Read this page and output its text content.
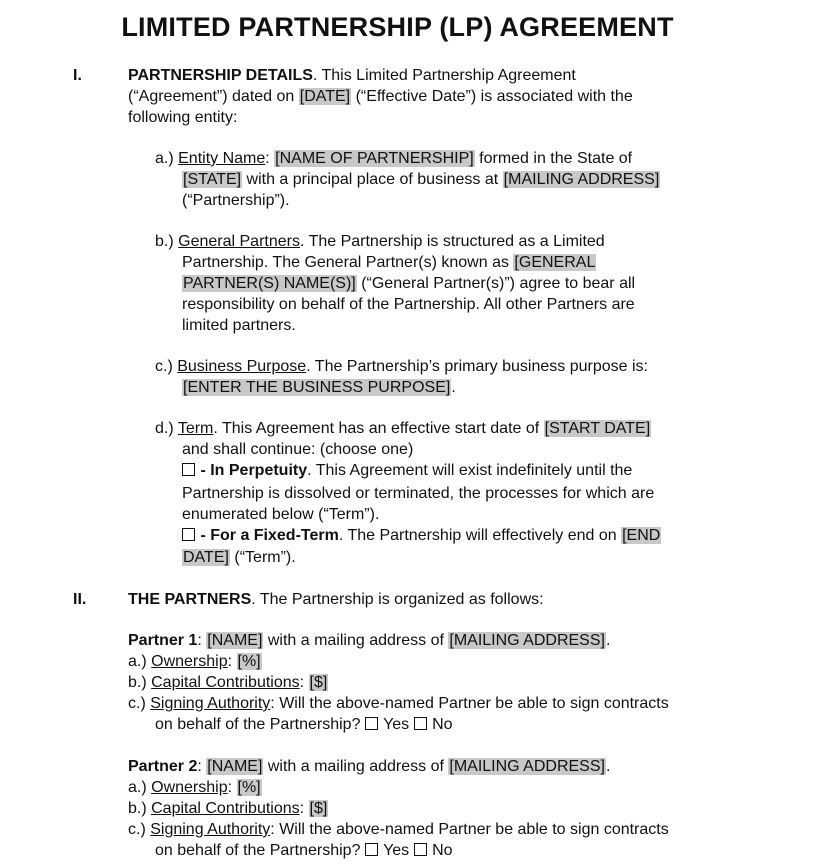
LIMITED PARTNERSHIP (LP) AGREEMENT
I.	PARTNERSHIP DETAILS. This Limited Partnership Agreement
(“Agreement”) dated on [DATE] (“Effective Date”) is associated with the
following entity:
a.) Entity Name: [NAME OF PARTNERSHIP] formed in the State of
[STATE] with a principal place of business at [MAILING ADDRESS]
(“Partnership”).
b.) General Partners. The Partnership is structured as a Limited
Partnership. The General Partner(s) known as [GENERAL
PARTNER(S) NAME(S)] (“General Partner(s)”) agree to bear all
responsibility on behalf of the Partnership. All other Partners are
limited partners.
c.) Business Purpose. The Partnership’s primary business purpose is:
[ENTER THE BUSINESS PURPOSE].
d.) Term. This Agreement has an effective start date of [START DATE]
and shall continue: (choose one)
- In Perpetuity. This Agreement will exist indefinitely until the
Partnership is dissolved or terminated, the processes for which are
enumerated below (“Term”).
- For a Fixed-Term. The Partnership will effectively end on [END
DATE] (“Term”).
II.	THE PARTNERS. The Partnership is organized as follows:
Partner 1: [NAME] with a mailing address of [MAILING ADDRESS].
a.) Ownership: [%]
b.) Capital Contributions: [$]
c.) Signing Authority: Will the above-named Partner be able to sign contracts
on behalf of the Partnership?  Yes  No
Partner 2: [NAME] with a mailing address of [MAILING ADDRESS].
a.) Ownership: [%]
b.) Capital Contributions: [$]
c.) Signing Authority: Will the above-named Partner be able to sign contracts
on behalf of the Partnership?  Yes  No
